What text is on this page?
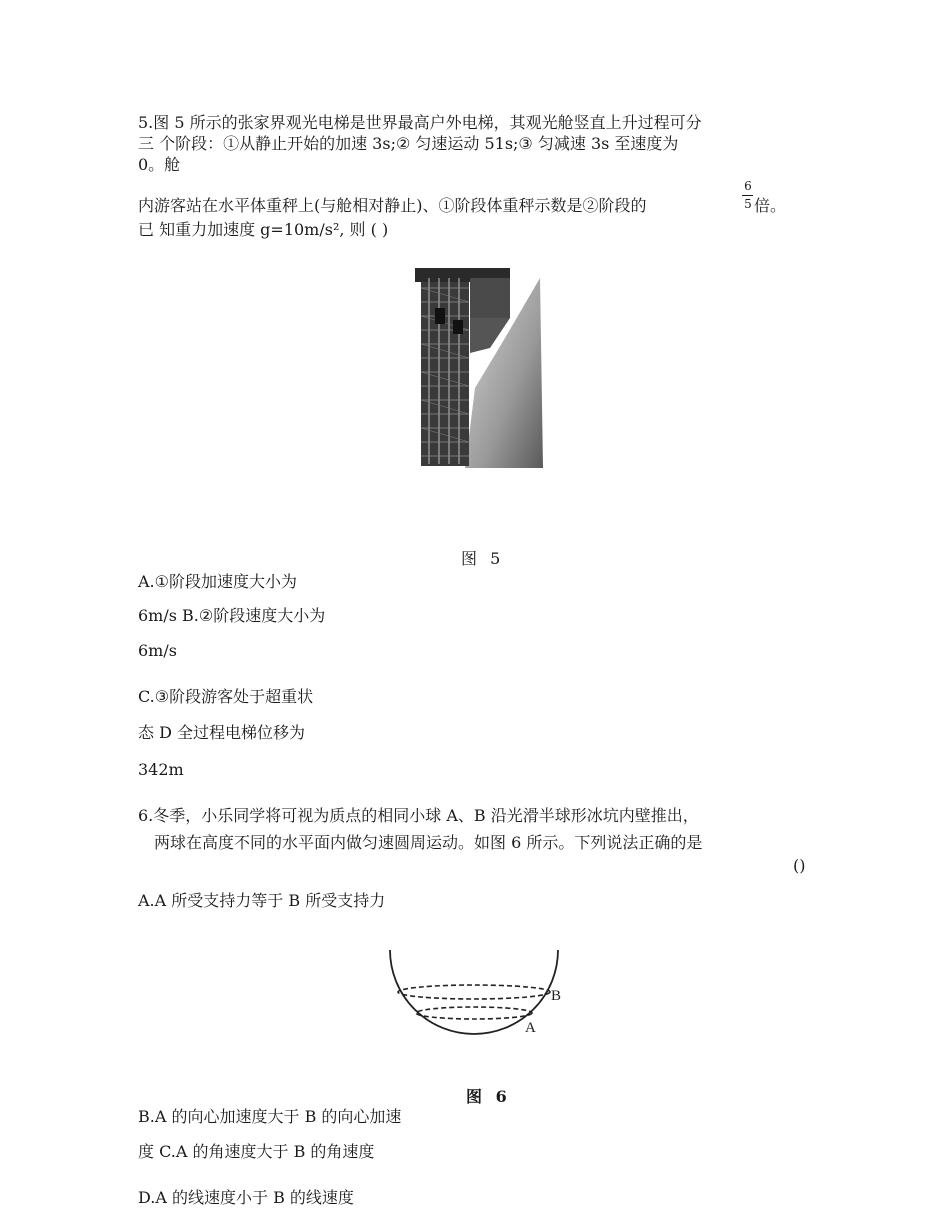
5.图 5 所示的张家界观光电梯是世界最高户外电梯，其观光舱竖直上升过程可分

三 个阶段：①从静止开始的加速 3s;② 匀速运动 51s;③ 匀减速 3s 至速度为

0。舱

内游客站在水平体重秤上(与舱相对静止)、①阶段体重秤示数是②阶段的

6
5 倍。

已 知重力加速度 g=10m/s², 则 ( )

图 5

A.①阶段加速度大小为

6m/s B.②阶段速度大小为

6m/s

C.③阶段游客处于超重状

态 D 全过程电梯位移为

342m

6.冬季，小乐同学将可视为质点的相同小球 A、B 沿光滑半球形冰坑内壁推出，

两球在高度不同的水平面内做匀速圆周运动。如图 6 所示。下列说法正确的是

()

A.A 所受支持力等于 B 所受支持力

B
A

图 6

B.A 的向心加速度大于 B 的向心加速

度 C.A 的角速度大于 B 的角速度

D.A 的线速度小于 B 的线速度
